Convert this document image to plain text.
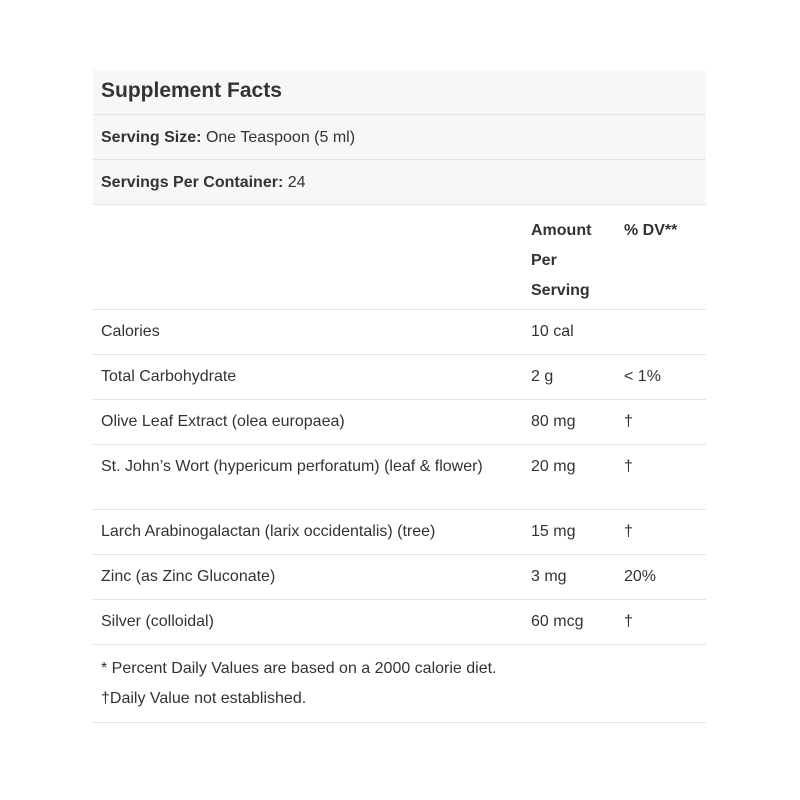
Supplement Facts		
Serving Size: One Teaspoon (5 ml)		
Servings Per Container: 24		
	Amount Per Serving	% DV**
Calories	10 cal	
Total Carbohydrate	2 g	< 1%
Olive Leaf Extract (olea europaea)	80 mg	†
St. John’s Wort (hypericum perforatum) (leaf & flower)	20 mg	†
Larch Arabinogalactan (larix occidentalis) (tree)	15 mg	†
Zinc (as Zinc Gluconate)	3 mg	20%
Silver (colloidal)	60 mcg	†

* Percent Daily Values are based on a 2000 calorie diet.
†Daily Value not established.		
